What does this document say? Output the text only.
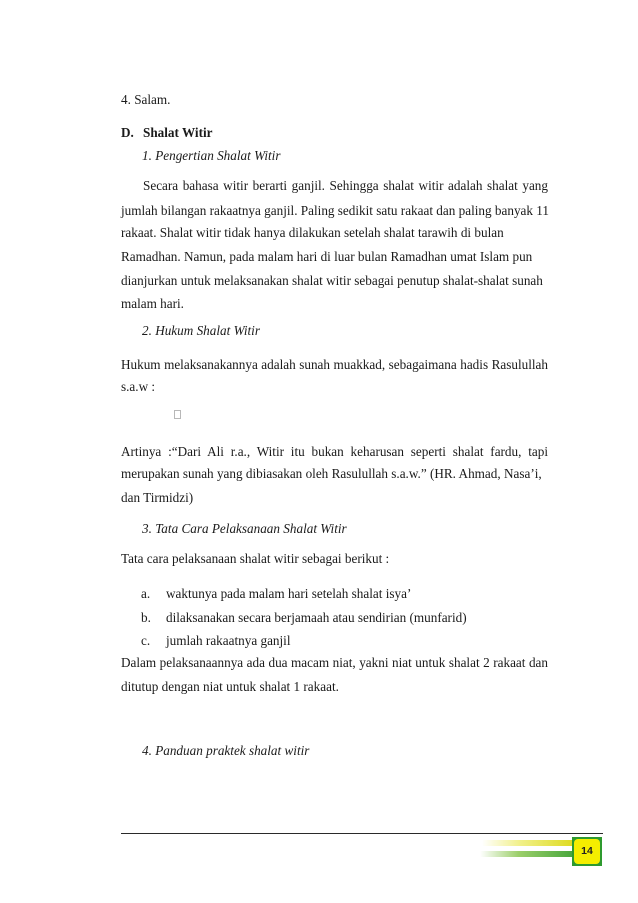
4. Salam.
D. Shalat Witir
1. Pengertian Shalat Witir
Secara bahasa witir berarti ganjil. Sehingga shalat witir adalah shalat yang
jumlah bilangan rakaatnya ganjil. Paling sedikit satu rakaat dan paling banyak 11
rakaat. Shalat witir tidak hanya dilakukan setelah shalat tarawih di bulan
Ramadhan. Namun, pada malam hari di luar bulan Ramadhan umat Islam pun
dianjurkan untuk melaksanakan shalat witir sebagai penutup shalat-shalat sunah
malam hari.
2. Hukum Shalat Witir
Hukum melaksanakannya adalah sunah muakkad, sebagaimana hadis Rasulullah
s.a.w :
Artinya :“Dari Ali r.a., Witir itu bukan keharusan seperti shalat fardu, tapi
merupakan sunah yang dibiasakan oleh Rasulullah s.a.w.” (HR. Ahmad, Nasa’i,
dan Tirmidzi)
3. Tata Cara Pelaksanaan Shalat Witir
Tata cara pelaksanaan shalat witir sebagai berikut :
a. waktunya pada malam hari setelah shalat isya’
b. dilaksanakan secara berjamaah atau sendirian (munfarid)
c. jumlah rakaatnya ganjil
Dalam pelaksanaannya ada dua macam niat, yakni niat untuk shalat 2 rakaat dan
ditutup dengan niat untuk shalat 1 rakaat.
4. Panduan praktek shalat witir
14
